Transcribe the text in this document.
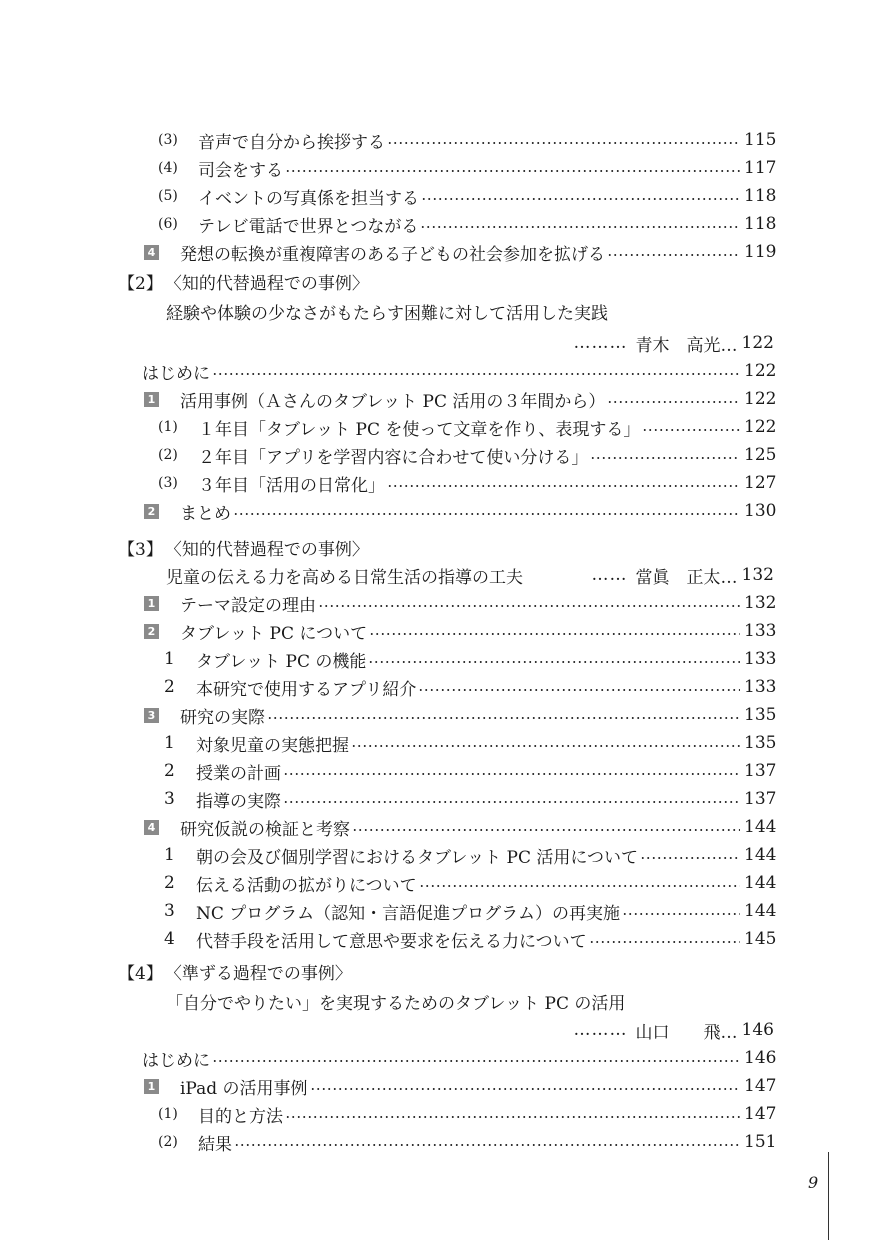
(3)	音声で自分から挨拶する	115
(4)	司会をする	117
(5)	イベントの写真係を担当する	118
(6)	テレビ電話で世界とつながる	118
4 発想の転換が重複障害のある子どもの社会参加を拡げる	119
【2】 〈知的代替過程での事例〉
経験や体験の少なさがもたらす困難に対して活用した実践
……… 青木　高光… 122
はじめに	122
1 活用事例（Ａさんのタブレット PC 活用の３年間から）	122
(1)	１年目「タブレット PC を使って文章を作り、表現する」	122
(2)	２年目「アプリを学習内容に合わせて使い分ける」	125
(3)	３年目「活用の日常化」	127
2 まとめ	130
【3】 〈知的代替過程での事例〉
児童の伝える力を高める日常生活の指導の工夫	…… 當眞　正太… 132
1 テーマ設定の理由	132
2 タブレット PC について	133
1	タブレット PC の機能	133
2	本研究で使用するアプリ紹介	133
3 研究の実際	135
1	対象児童の実態把握	135
2	授業の計画	137
3	指導の実際	137
4 研究仮説の検証と考察	144
1	朝の会及び個別学習におけるタブレット PC 活用について	144
2	伝える活動の拡がりについて	144
3	NC プログラム（認知・言語促進プログラム）の再実施	144
4	代替手段を活用して意思や要求を伝える力について	145
【4】 〈準ずる過程での事例〉
「自分でやりたい」を実現するためのタブレット PC の活用
……… 山口　　飛… 146
はじめに	146
1 iPad の活用事例	147
(1)	目的と方法	147
(2)	結果	151
9
